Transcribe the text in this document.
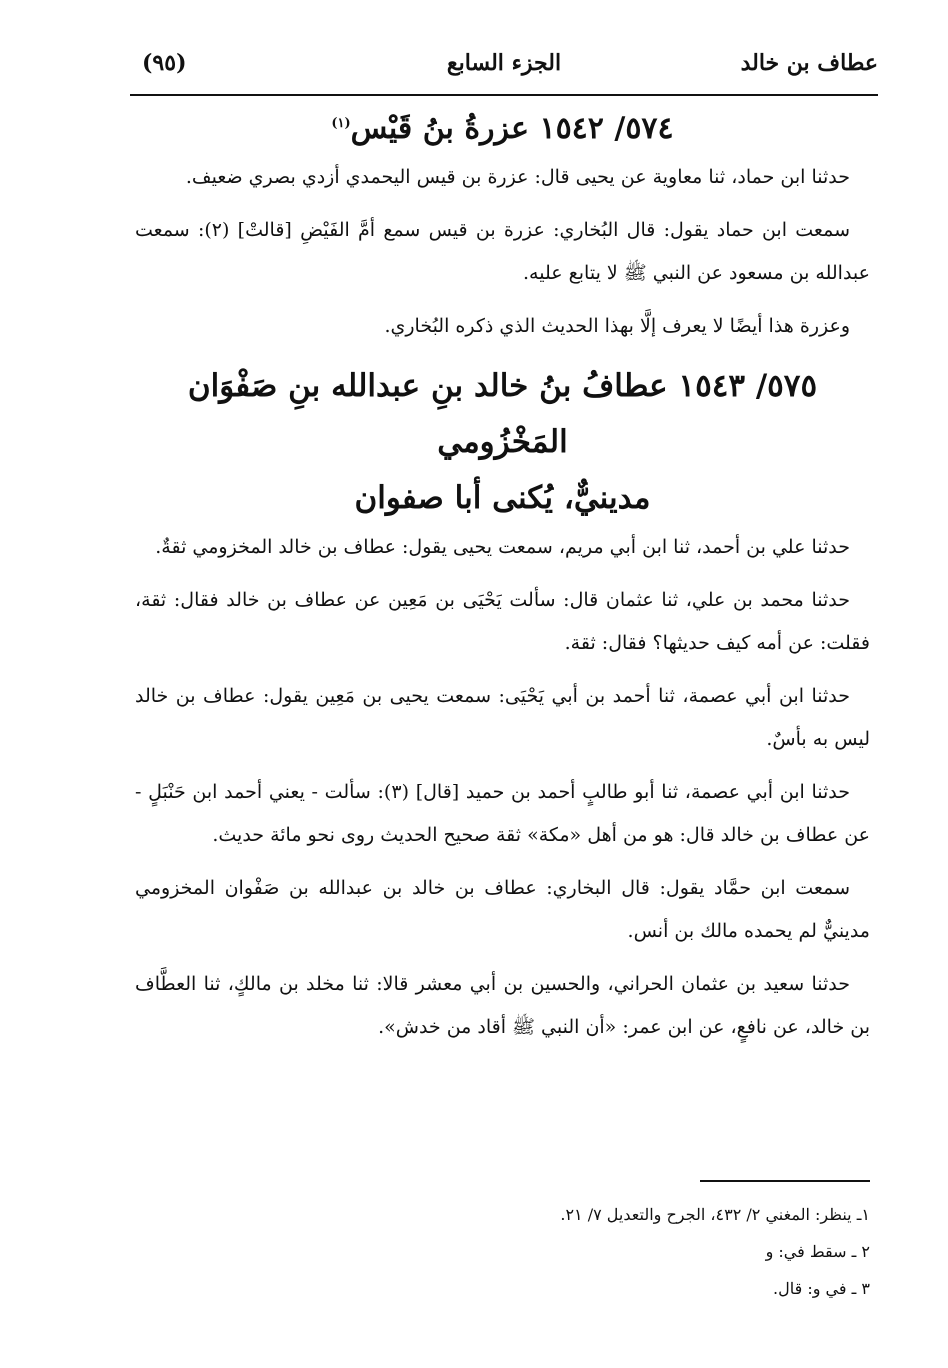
عطاف بن خالد
الجزء السابع
(٩٥)
٥٧٤/ ١٥٤٢ عزرةُ بنُ قَيْس$^{(١)}$

حدثنا ابن حماد، ثنا معاوية عن يحيى قال: عزرة بن قيس اليحمدي أزدي بصري ضعيف.

سمعت ابن حماد يقول: قال البُخاري: عزرة بن قيس سمع أمَّ الفَيْضِ [قالتْ] (٢): سمعت عبدالله بن مسعود عن النبي ﷺ لا يتابع عليه.

وعزرة هذا أيضًا لا يعرف إلَّا بهذا الحديث الذي ذكره البُخاري.

٥٧٥/ ١٥٤٣ عطافُ بنُ خالد بنِ عبدالله بنِ صَفْوَان المَخْزُومي
مدينيٌّ، يُكنى أبا صفوان

حدثنا علي بن أحمد، ثنا ابن أبي مريم، سمعت يحيى يقول: عطاف بن خالد المخزومي ثقةٌ.

حدثنا محمد بن علي، ثنا عثمان قال: سألت يَحْيَى بن مَعِين عن عطاف بن خالد فقال: ثقة، فقلت: عن أمه كيف حديثها؟ فقال: ثقة.

حدثنا ابن أبي عصمة، ثنا أحمد بن أبي يَحْيَى: سمعت يحيى بن مَعِين يقول: عطاف بن خالد ليس به بأسٌ.

حدثنا ابن أبي عصمة، ثنا أبو طالبٍ أحمد بن حميد [قال] (٣): سألت - يعني أحمد ابن حَنْبَلٍ - عن عطاف بن خالد قال: هو من أهل «مكة» ثقة صحيح الحديث روى نحو مائة حديث.

سمعت ابن حمَّاد يقول: قال البخاري: عطاف بن خالد بن عبدالله بن صَفْوان المخزومي مدينيٌّ لم يحمده مالك بن أنس.

حدثنا سعيد بن عثمان الحراني، والحسين بن أبي معشر قالا: ثنا مخلد بن مالكٍ، ثنا العطَّاف بن خالد، عن نافعٍ، عن ابن عمر: «أن النبي ﷺ أقاد من خدش».

١ـ ينظر: المغني ٢/ ٤٣٢، الجرح والتعديل ٧/ ٢١.

٢ ـ سقط في: و

٣ ـ في و: قال.
